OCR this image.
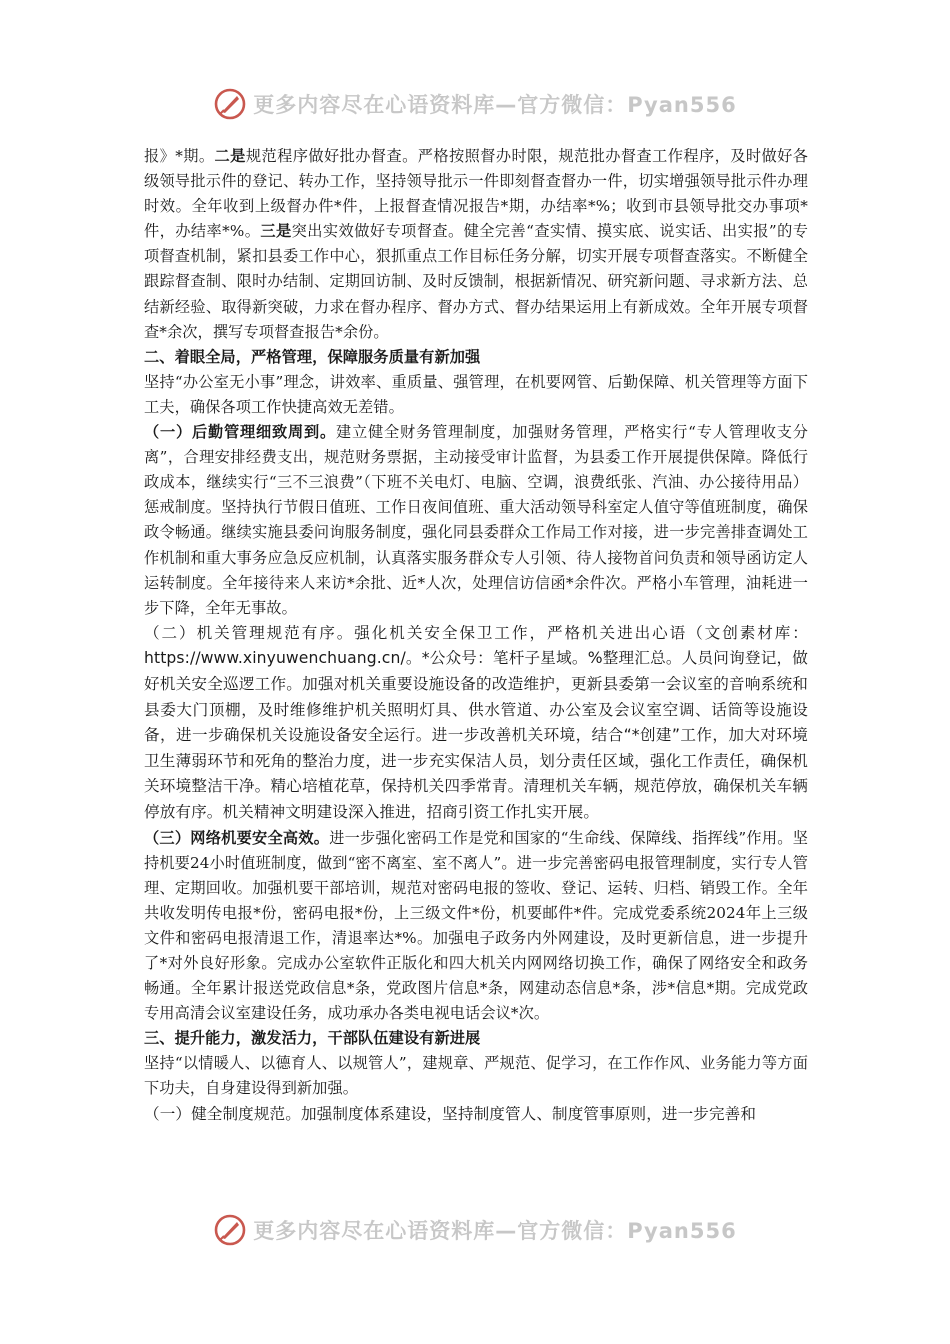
更多内容尽在心语资料库—官方微信：Pyan556

报》*期。二是规范程序做好批办督查。严格按照督办时限，规范批办督查工作程序，及时做好各级领导批示件的登记、转办工作，坚持领导批示一件即刻督查督办一件，切实增强领导批示件办理时效。全年收到上级督办件*件，上报督查情况报告*期，办结率*%；收到市县领导批交办事项*件，办结率*%。三是突出实效做好专项督查。健全完善“查实情、摸实底、说实话、出实报”的专项督查机制，紧扣县委工作中心，狠抓重点工作目标任务分解，切实开展专项督查落实。不断健全跟踪督查制、限时办结制、定期回访制、及时反馈制，根据新情况、研究新问题、寻求新方法、总结新经验、取得新突破，力求在督办程序、督办方式、督办结果运用上有新成效。全年开展专项督查*余次，撰写专项督查报告*余份。

二、着眼全局，严格管理，保障服务质量有新加强

坚持“办公室无小事”理念，讲效率、重质量、强管理，在机要网管、后勤保障、机关管理等方面下工夫，确保各项工作快捷高效无差错。

（一）后勤管理细致周到。建立健全财务管理制度，加强财务管理，严格实行“专人管理收支分离”，合理安排经费支出，规范财务票据，主动接受审计监督，为县委工作开展提供保障。降低行政成本，继续实行“三不三浪费”（下班不关电灯、电脑、空调，浪费纸张、汽油、办公接待用品）惩戒制度。坚持执行节假日值班、工作日夜间值班、重大活动领导科室定人值守等值班制度，确保政令畅通。继续实施县委问询服务制度，强化同县委群众工作局工作对接，进一步完善排查调处工作机制和重大事务应急反应机制，认真落实服务群众专人引领、待人接物首问负责和领导函访定人运转制度。全年接待来人来访*余批、近*人次，处理信访信函*余件次。严格小车管理，油耗进一步下降，全年无事故。

（二）机关管理规范有序。强化机关安全保卫工作，严格机关进出心语（文创素材库：https://www.xinyuwenchuang.cn/。*公众号：笔杆子星域。%整理汇总。人员问询登记，做好机关安全巡逻工作。加强对机关重要设施设备的改造维护，更新县委第一会议室的音响系统和县委大门顶棚，及时维修维护机关照明灯具、供水管道、办公室及会议室空调、话筒等设施设备，进一步确保机关设施设备安全运行。进一步改善机关环境，结合“*创建”工作，加大对环境卫生薄弱环节和死角的整治力度，进一步充实保洁人员，划分责任区域，强化工作责任，确保机关环境整洁干净。精心培植花草，保持机关四季常青。清理机关车辆，规范停放，确保机关车辆停放有序。机关精神文明建设深入推进，招商引资工作扎实开展。

（三）网络机要安全高效。进一步强化密码工作是党和国家的“生命线、保障线、指挥线”作用。坚持机要24小时值班制度，做到“密不离室、室不离人”。进一步完善密码电报管理制度，实行专人管理、定期回收。加强机要干部培训，规范对密码电报的签收、登记、运转、归档、销毁工作。全年共收发明传电报*份，密码电报*份，上三级文件*份，机要邮件*件。完成党委系统2024年上三级文件和密码电报清退工作，清退率达*%。加强电子政务内外网建设，及时更新信息，进一步提升了*对外良好形象。完成办公室软件正版化和四大机关内网网络切换工作，确保了网络安全和政务畅通。全年累计报送党政信息*条，党政图片信息*条，网建动态信息*条，涉*信息*期。完成党政专用高清会议室建设任务，成功承办各类电视电话会议*次。

三、提升能力，激发活力，干部队伍建设有新进展

坚持“以情暖人、以德育人、以规管人”，建规章、严规范、促学习，在工作作风、业务能力等方面下功夫，自身建设得到新加强。

（一）健全制度规范。加强制度体系建设，坚持制度管人、制度管事原则，进一步完善和

更多内容尽在心语资料库—官方微信：Pyan556
